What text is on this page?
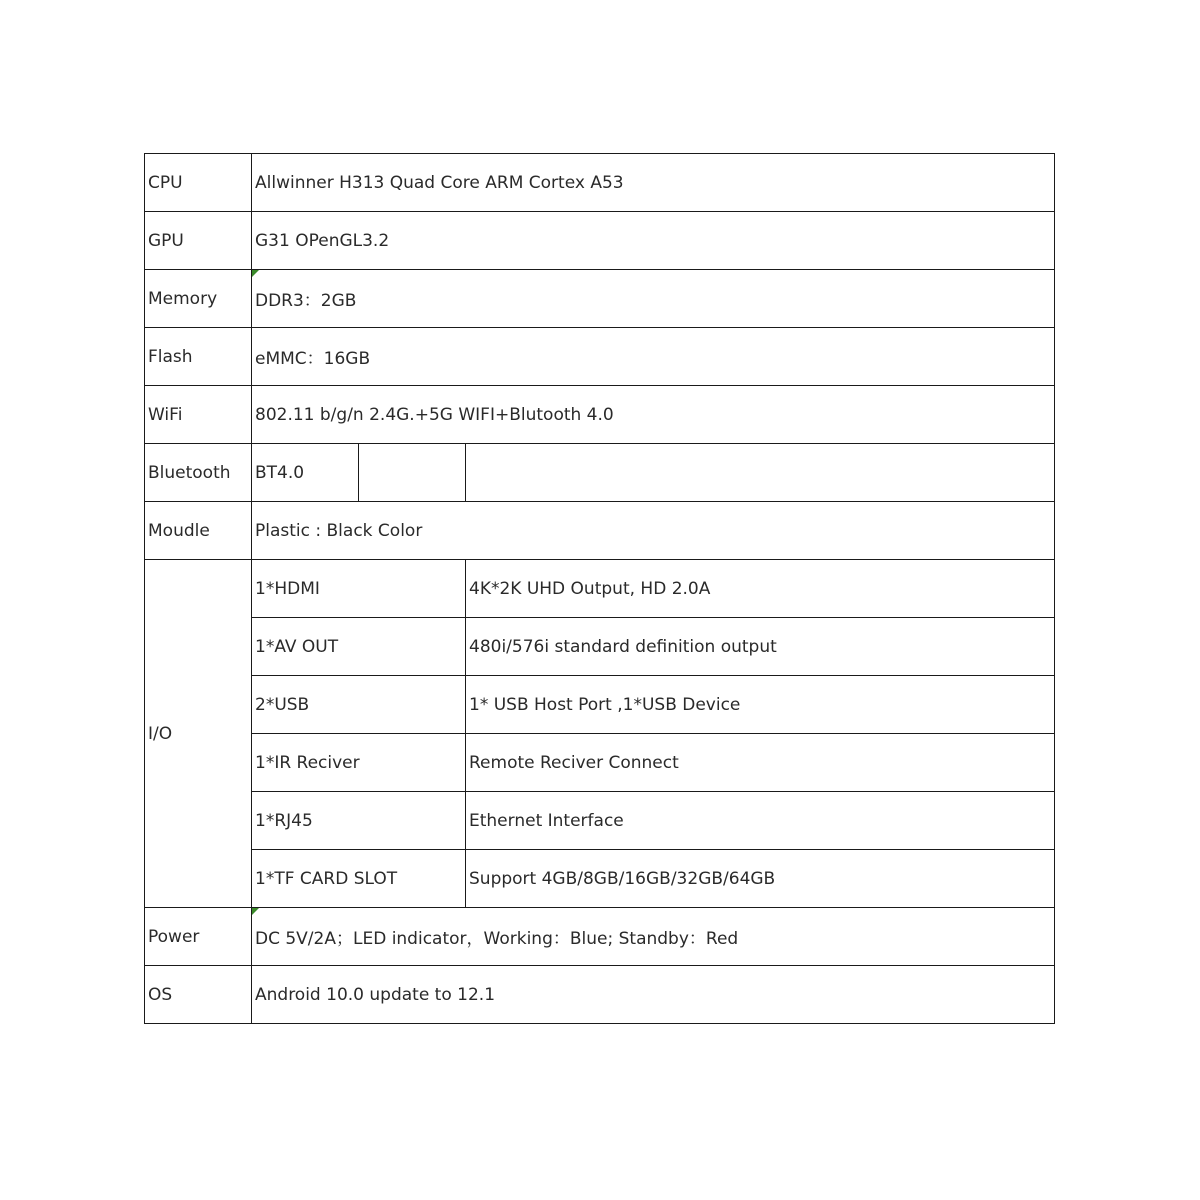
CPU	Allwinner H313 Quad Core ARM Cortex A53		
GPU	G31 OPenGL3.2		
Memory	DDR3：2GB		
Flash	eMMC：16GB		
WiFi	802.11 b/g/n 2.4G.+5G WIFI+Blutooth 4.0		
Bluetooth	BT4.0		
Moudle	Plastic : Black Color		
I/O	1*HDMI		4K*2K UHD Output, HD 2.0A
	1*AV OUT		480i/576i standard definition output
	2*USB		1* USB Host Port ,1*USB Device
	1*IR Reciver		Remote Reciver Connect
	1*RJ45		Ethernet Interface
	1*TF CARD SLOT		Support 4GB/8GB/16GB/32GB/64GB
Power	DC 5V/2A；LED indicator，Working：Blue; Standby：Red		
OS	Android 10.0 update to 12.1		
